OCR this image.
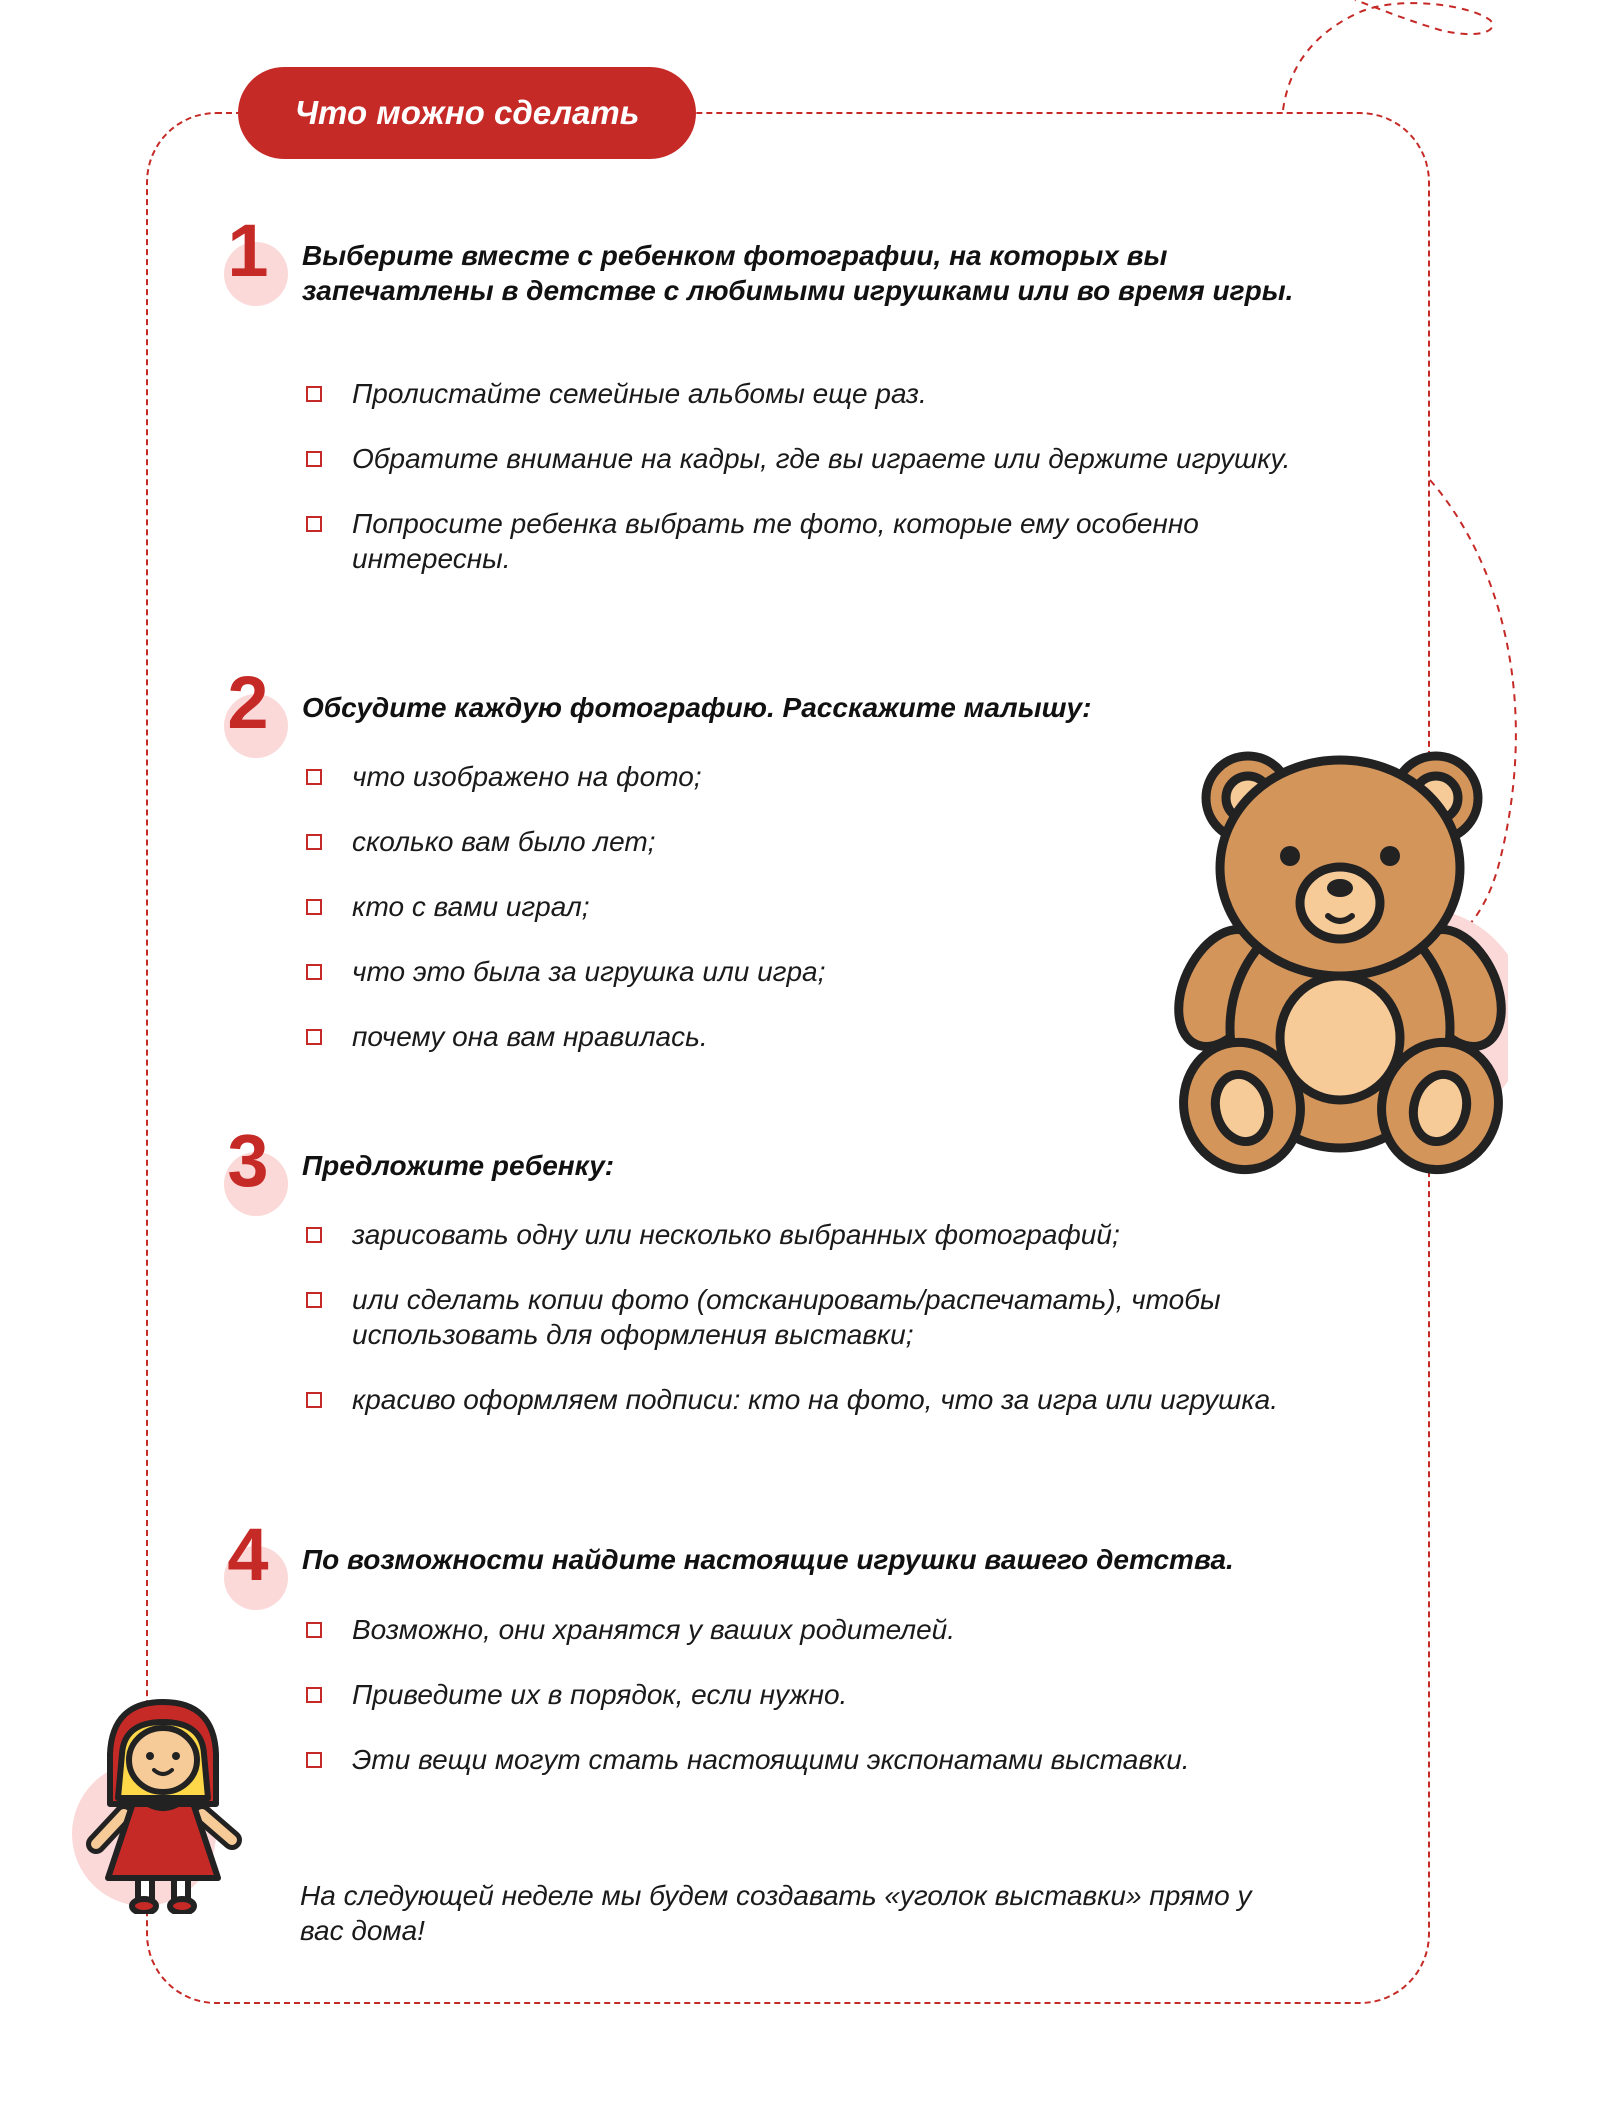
Что можно сделать
1	Выберите вместе с ребенком фотографии, на которых вы запечатлены в детстве с любимыми игрушками или во время игры.
Пролистайте семейные альбомы еще раз.
Обратите внимание на кадры, где вы играете или держите игрушку.
Попросите ребенка выбрать те фото, которые ему особенно интересны.
2	Обсудите каждую фотографию. Расскажите малышу:
что изображено на фото;
сколько вам было лет;
кто с вами играл;
что это была за игрушка или игра;
почему она вам нравилась.
3	Предложите ребенку:
зарисовать одну или несколько выбранных фотографий;
или сделать копии фото (отсканировать/распечатать), чтобы использовать для оформления выставки;
красиво оформляем подписи: кто на фото, что за игра или игрушка.
4	По возможности найдите настоящие игрушки вашего детства.
Возможно, они хранятся у ваших родителей.
Приведите их в порядок, если нужно.
Эти вещи могут стать настоящими экспонатами выставки.
На следующей неделе мы будем создавать «уголок выставки» прямо у вас дома!
